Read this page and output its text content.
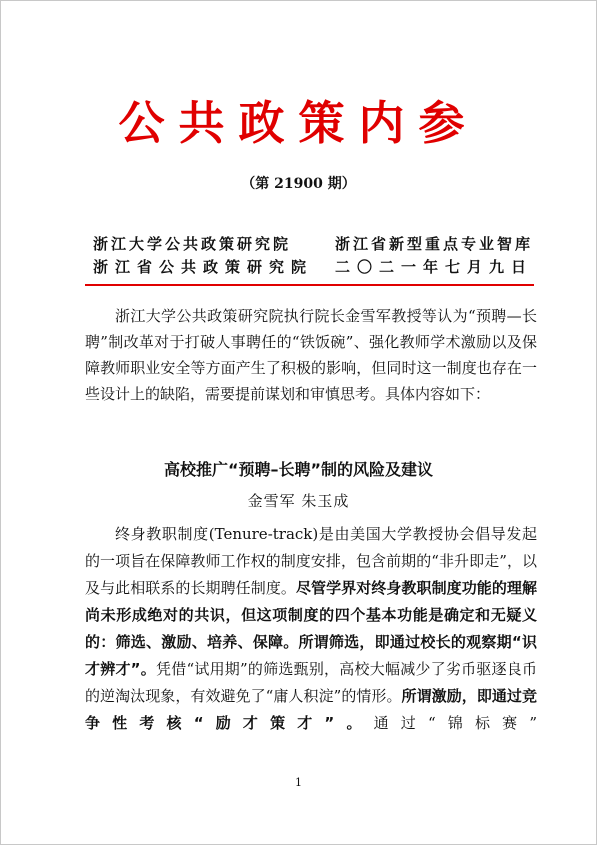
公共政策内参
（第 21900 期）
浙江大学公共政策研究院	浙江省新型重点专业智库
浙江省公共政策研究院 二〇二一年七月九日

浙江大学公共政策研究院执行院长金雪军教授等认为“预聘—长聘”制改革对于打破人事聘任的“铁饭碗”、强化教师学术激励以及保障教师职业安全等方面产生了积极的影响，但同时这一制度也存在一些设计上的缺陷，需要提前谋划和审慎思考。具体内容如下：

高校推广“预聘–长聘”制的风险及建议
金雪军 朱玉成

终身教职制度(Tenure-track)是由美国大学教授协会倡导发起的一项旨在保障教师工作权的制度安排，包含前期的“非升即走”，以及与此相联系的长期聘任制度。尽管学界对终身教职制度功能的理解尚未形成绝对的共识，但这项制度的四个基本功能是确定和无疑义的：筛选、激励、培养、保障。所谓筛选，即通过校长的观察期“识才辨才”。凭借“试用期”的筛选甄别，高校大幅减少了劣币驱逐良币的逆淘汰现象，有效避免了“庸人积淀”的情形。所谓激励，即通过竞争性考核“励才策才”。通过“锦标赛”

1
